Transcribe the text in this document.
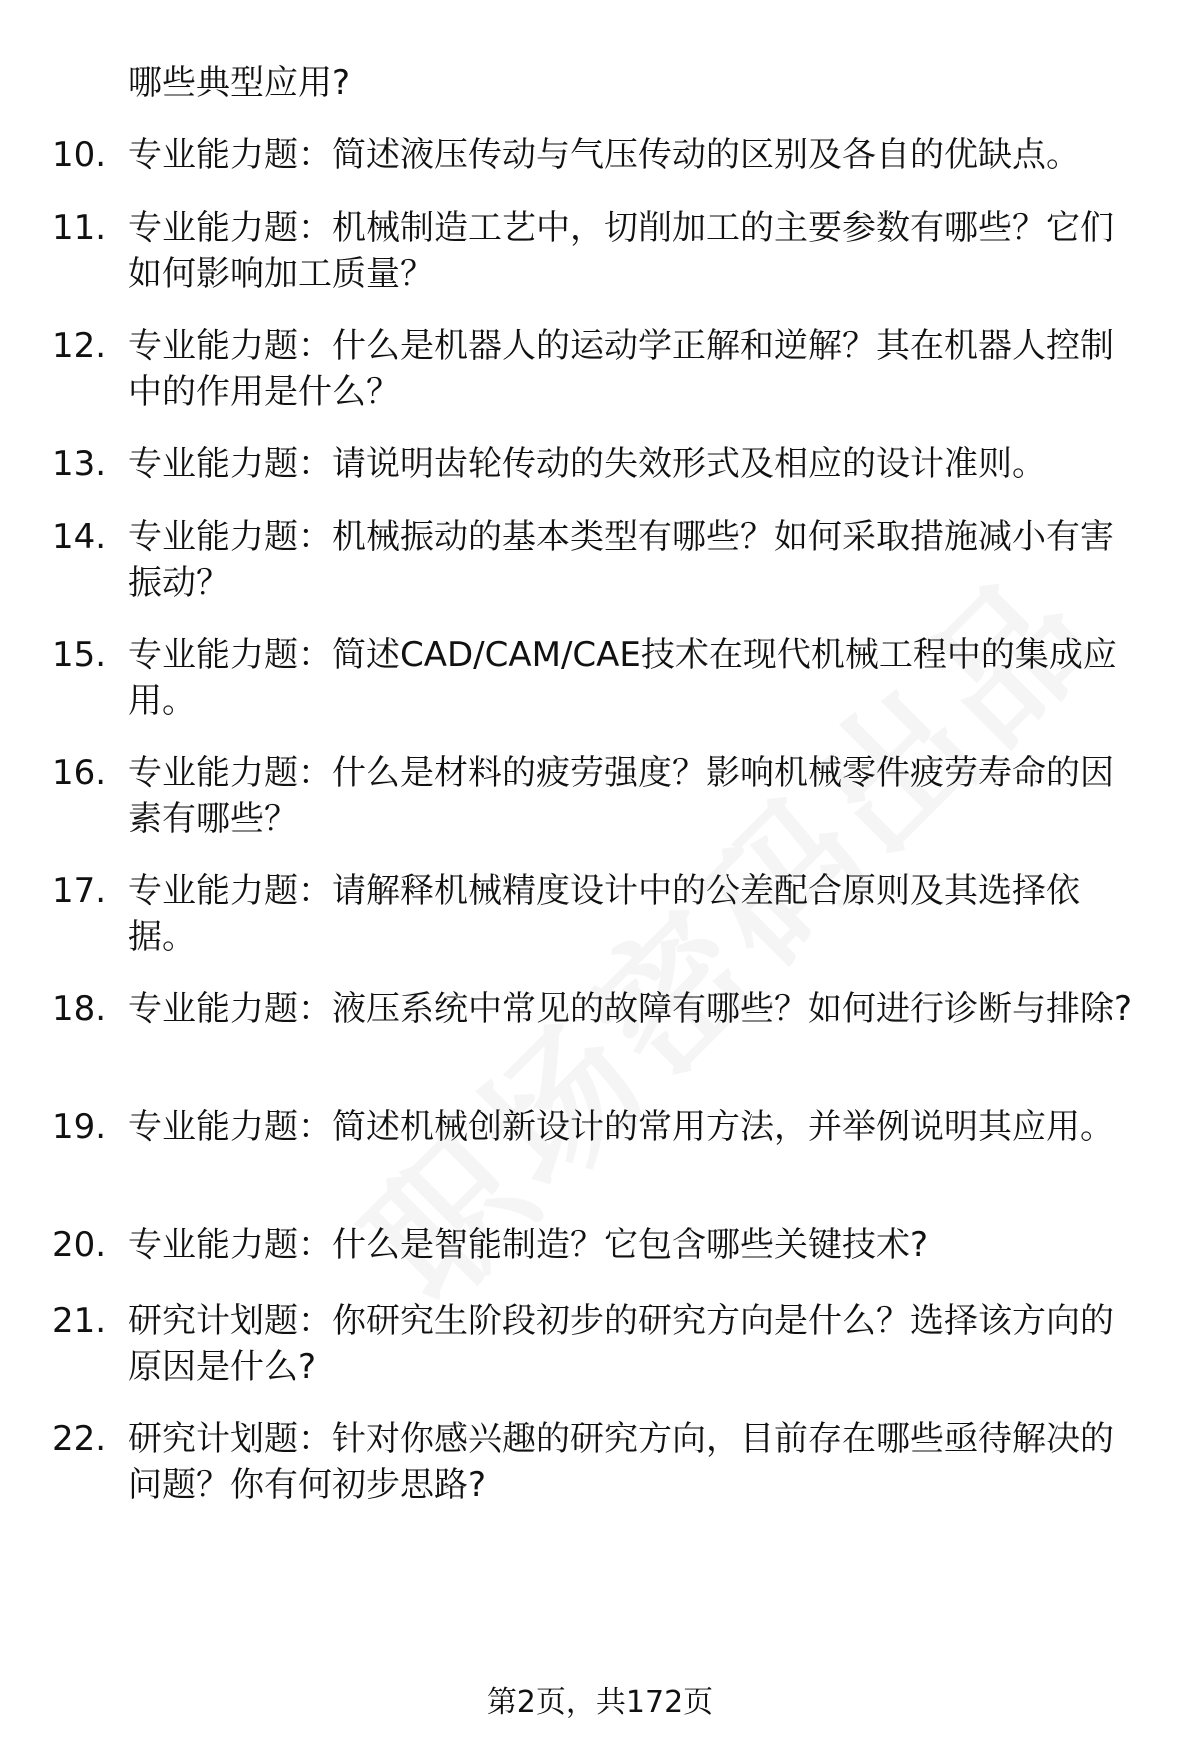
哪些典型应用?
10. 专业能力题：简述液压传动与气压传动的区别及各自的优缺点。
11. 专业能力题：机械制造工艺中，切削加工的主要参数有哪些？它们如何影响加工质量？
12. 专业能力题：什么是机器人的运动学正解和逆解？其在机器人控制中的作用是什么？
13. 专业能力题：请说明齿轮传动的失效形式及相应的设计准则。
14. 专业能力题：机械振动的基本类型有哪些？如何采取措施减小有害振动？
15. 专业能力题：简述CAD/CAM/CAE技术在现代机械工程中的集成应用。
16. 专业能力题：什么是材料的疲劳强度？影响机械零件疲劳寿命的因素有哪些？
17. 专业能力题：请解释机械精度设计中的公差配合原则及其选择依据。
18. 专业能力题：液压系统中常见的故障有哪些？如何进行诊断与排除?
19. 专业能力题：简述机械创新设计的常用方法，并举例说明其应用。
20. 专业能力题：什么是智能制造？它包含哪些关键技术?
21. 研究计划题：你研究生阶段初步的研究方向是什么？选择该方向的原因是什么?
22. 研究计划题：针对你感兴趣的研究方向，目前存在哪些亟待解决的问题？你有何初步思路?
第2页，共172页
